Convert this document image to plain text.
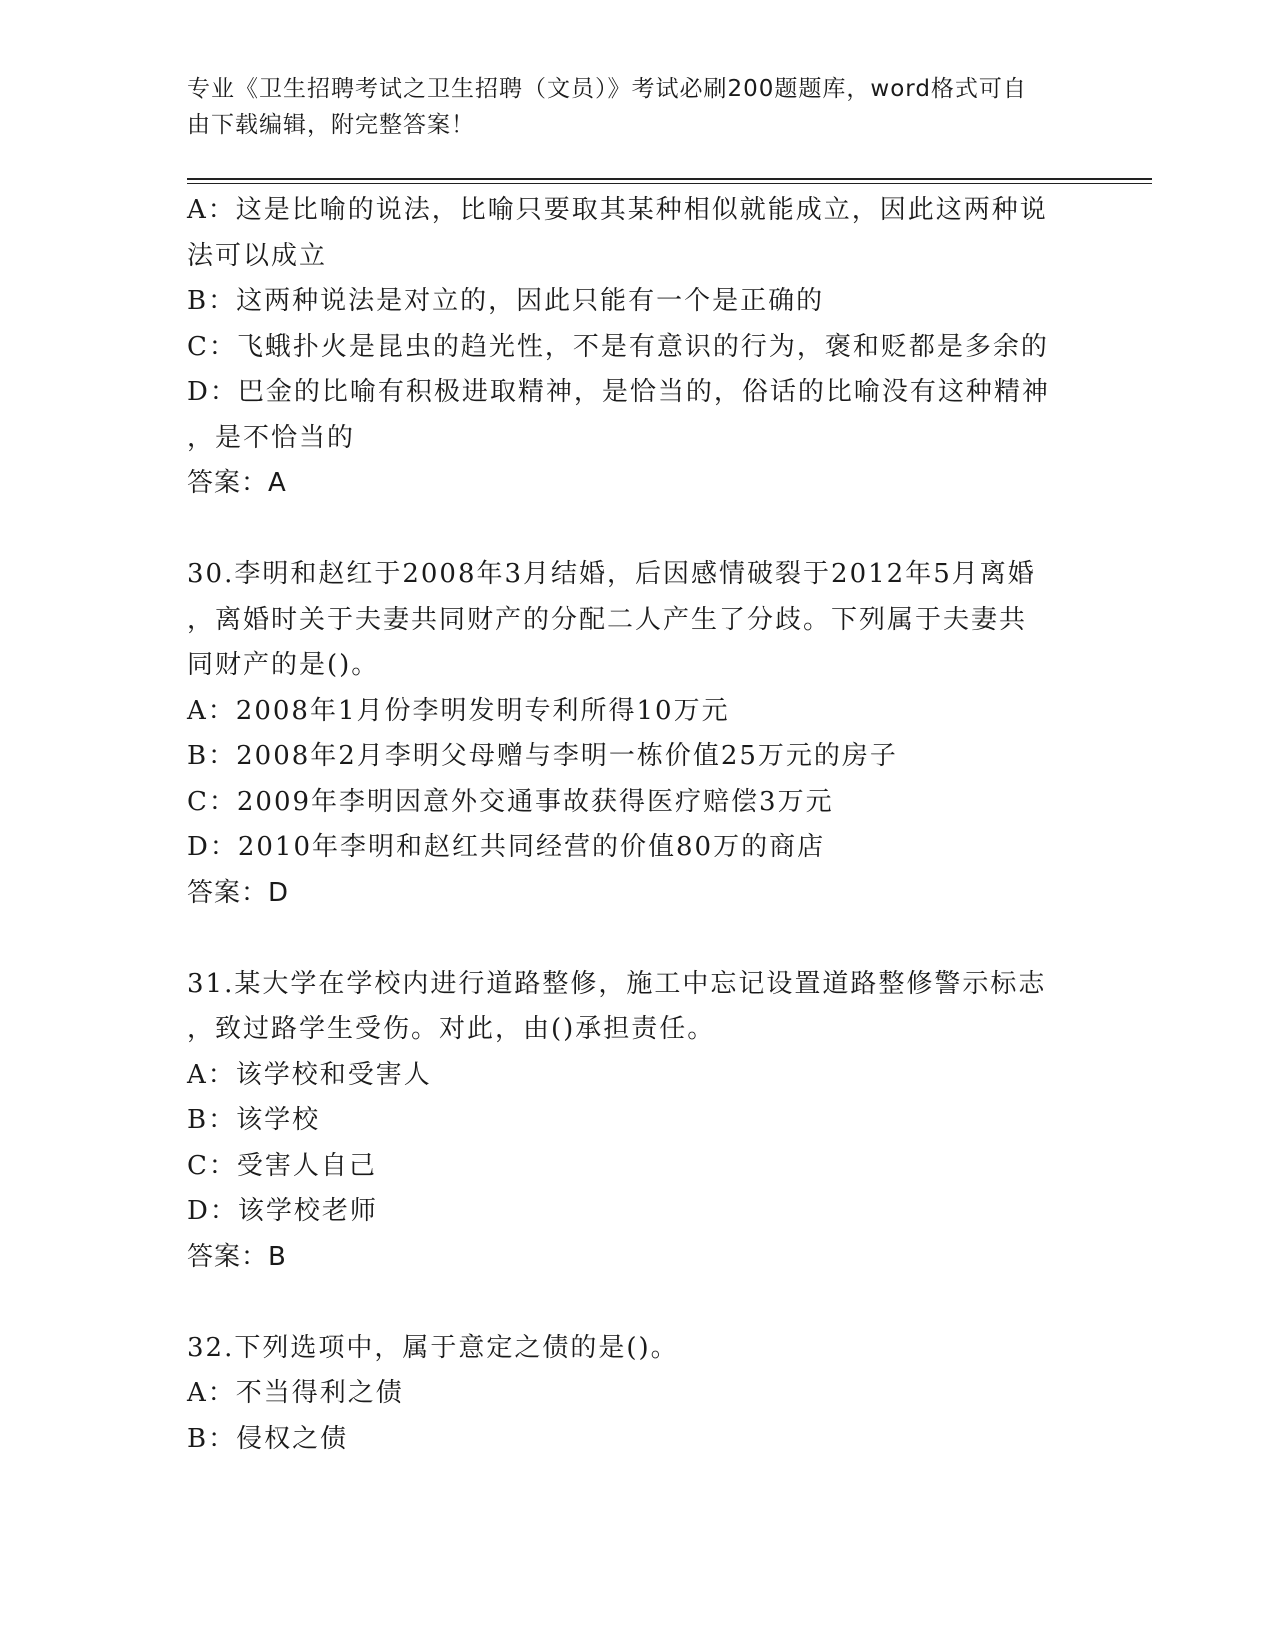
专业《卫生招聘考试之卫生招聘（文员）》考试必刷200题题库，word格式可自
由下载编辑，附完整答案！

A：这是比喻的说法，比喻只要取其某种相似就能成立，因此这两种说

法可以成立

B：这两种说法是对立的，因此只能有一个是正确的

C：飞蛾扑火是昆虫的趋光性，不是有意识的行为，褒和贬都是多余的

D：巴金的比喻有积极进取精神，是恰当的，俗话的比喻没有这种精神

，是不恰当的

答案：A

30.李明和赵红于2008年3月结婚，后因感情破裂于2012年5月离婚

，离婚时关于夫妻共同财产的分配二人产生了分歧。下列属于夫妻共

同财产的是()。

A：2008年1月份李明发明专利所得10万元

B：2008年2月李明父母赠与李明一栋价值25万元的房子

C：2009年李明因意外交通事故获得医疗赔偿3万元

D：2010年李明和赵红共同经营的价值80万的商店

答案：D

31.某大学在学校内进行道路整修，施工中忘记设置道路整修警示标志

，致过路学生受伤。对此，由()承担责任。

A：该学校和受害人

B：该学校

C：受害人自己

D：该学校老师

答案：B

32.下列选项中，属于意定之债的是()。

A：不当得利之债

B：侵权之债
